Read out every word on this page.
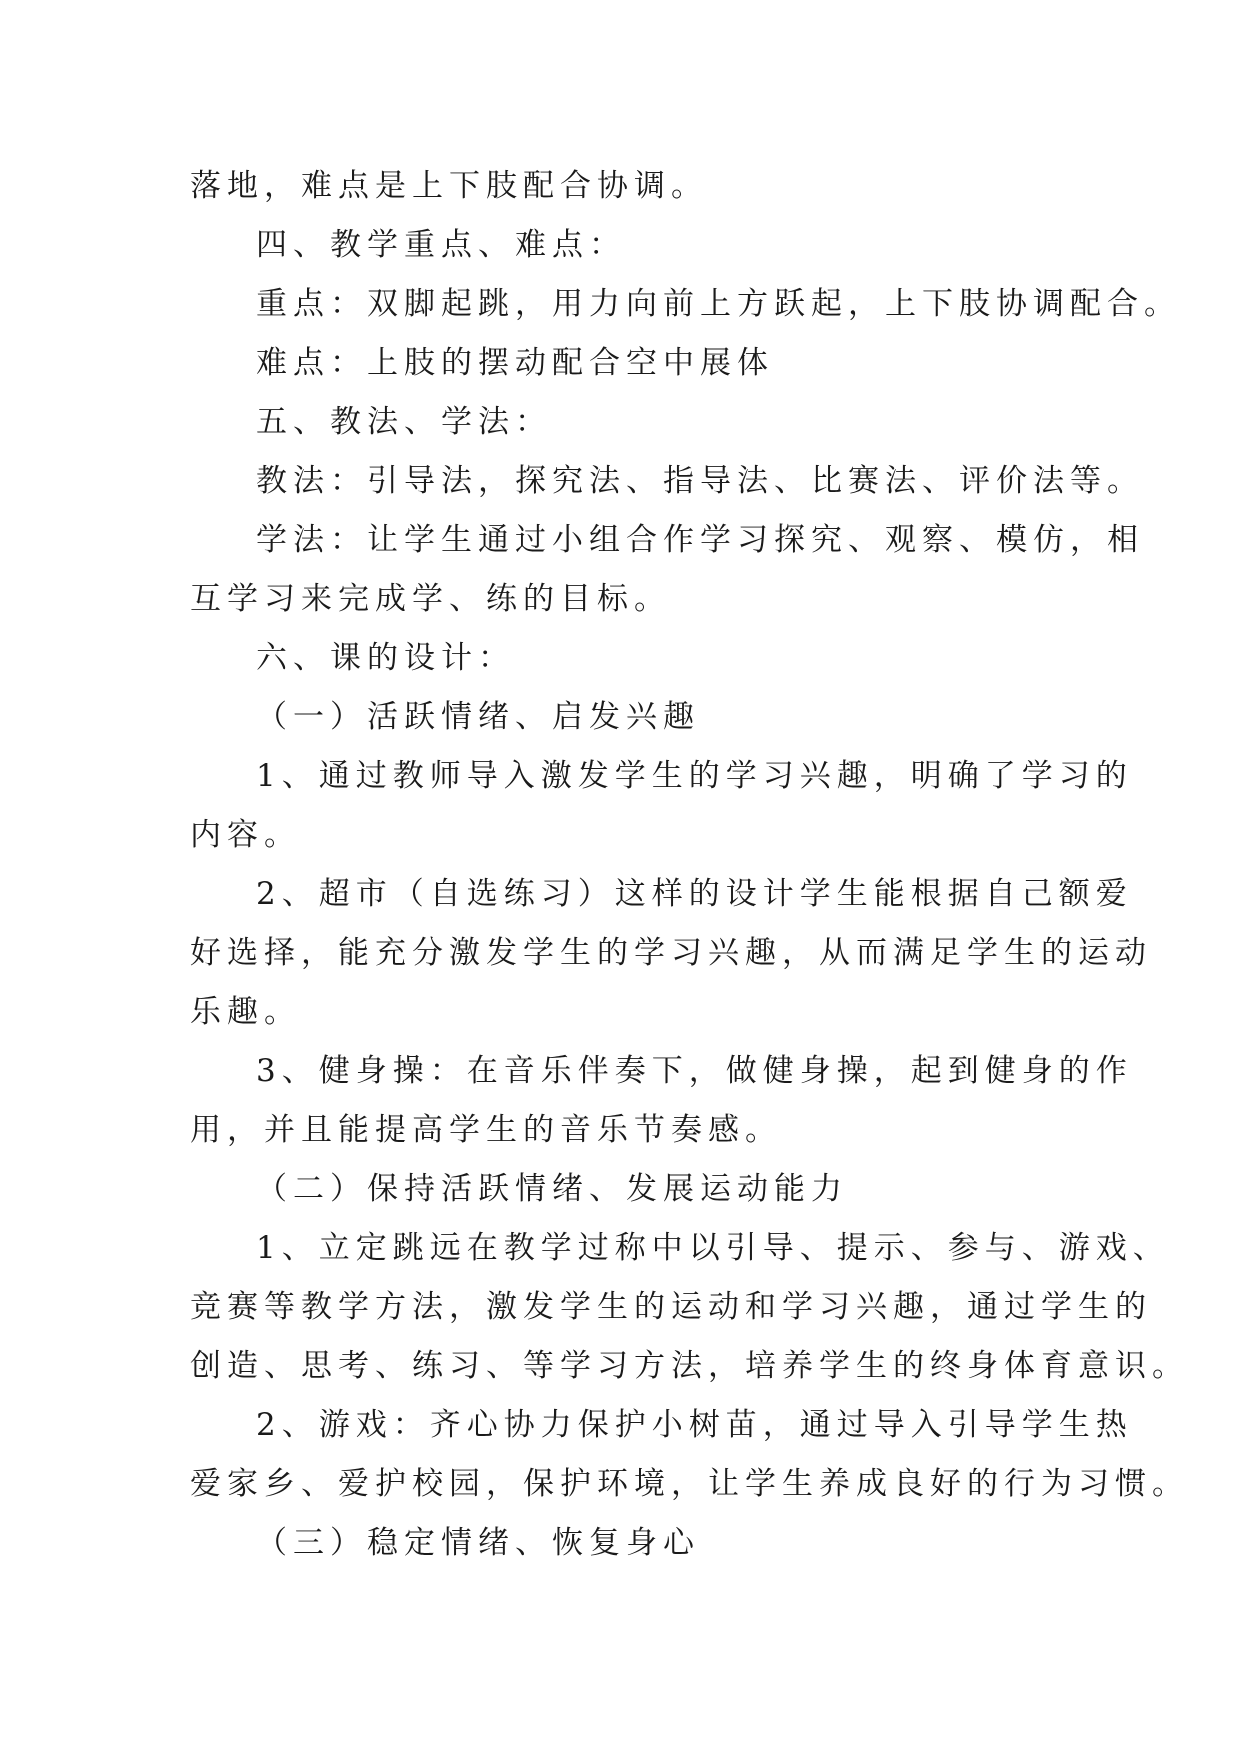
落地，难点是上下肢配合协调。

四、教学重点、难点：

重点：双脚起跳，用力向前上方跃起，上下肢协调配合。

难点：上肢的摆动配合空中展体

五、教法、学法：

教法：引导法，探究法、指导法、比赛法、评价法等。

学法：让学生通过小组合作学习探究、观察、模仿，相

互学习来完成学、练的目标。

六、课的设计：

（一）活跃情绪、启发兴趣

1、通过教师导入激发学生的学习兴趣，明确了学习的

内容。

2、超市（自选练习）这样的设计学生能根据自己额爱

好选择，能充分激发学生的学习兴趣，从而满足学生的运动

乐趣。

3、健身操：在音乐伴奏下，做健身操，起到健身的作

用，并且能提高学生的音乐节奏感。

（二）保持活跃情绪、发展运动能力

1、立定跳远在教学过称中以引导、提示、参与、游戏、

竞赛等教学方法，激发学生的运动和学习兴趣，通过学生的

创造、思考、练习、等学习方法，培养学生的终身体育意识。

2、游戏：齐心协力保护小树苗，通过导入引导学生热

爱家乡、爱护校园，保护环境，让学生养成良好的行为习惯。

（三）稳定情绪、恢复身心
